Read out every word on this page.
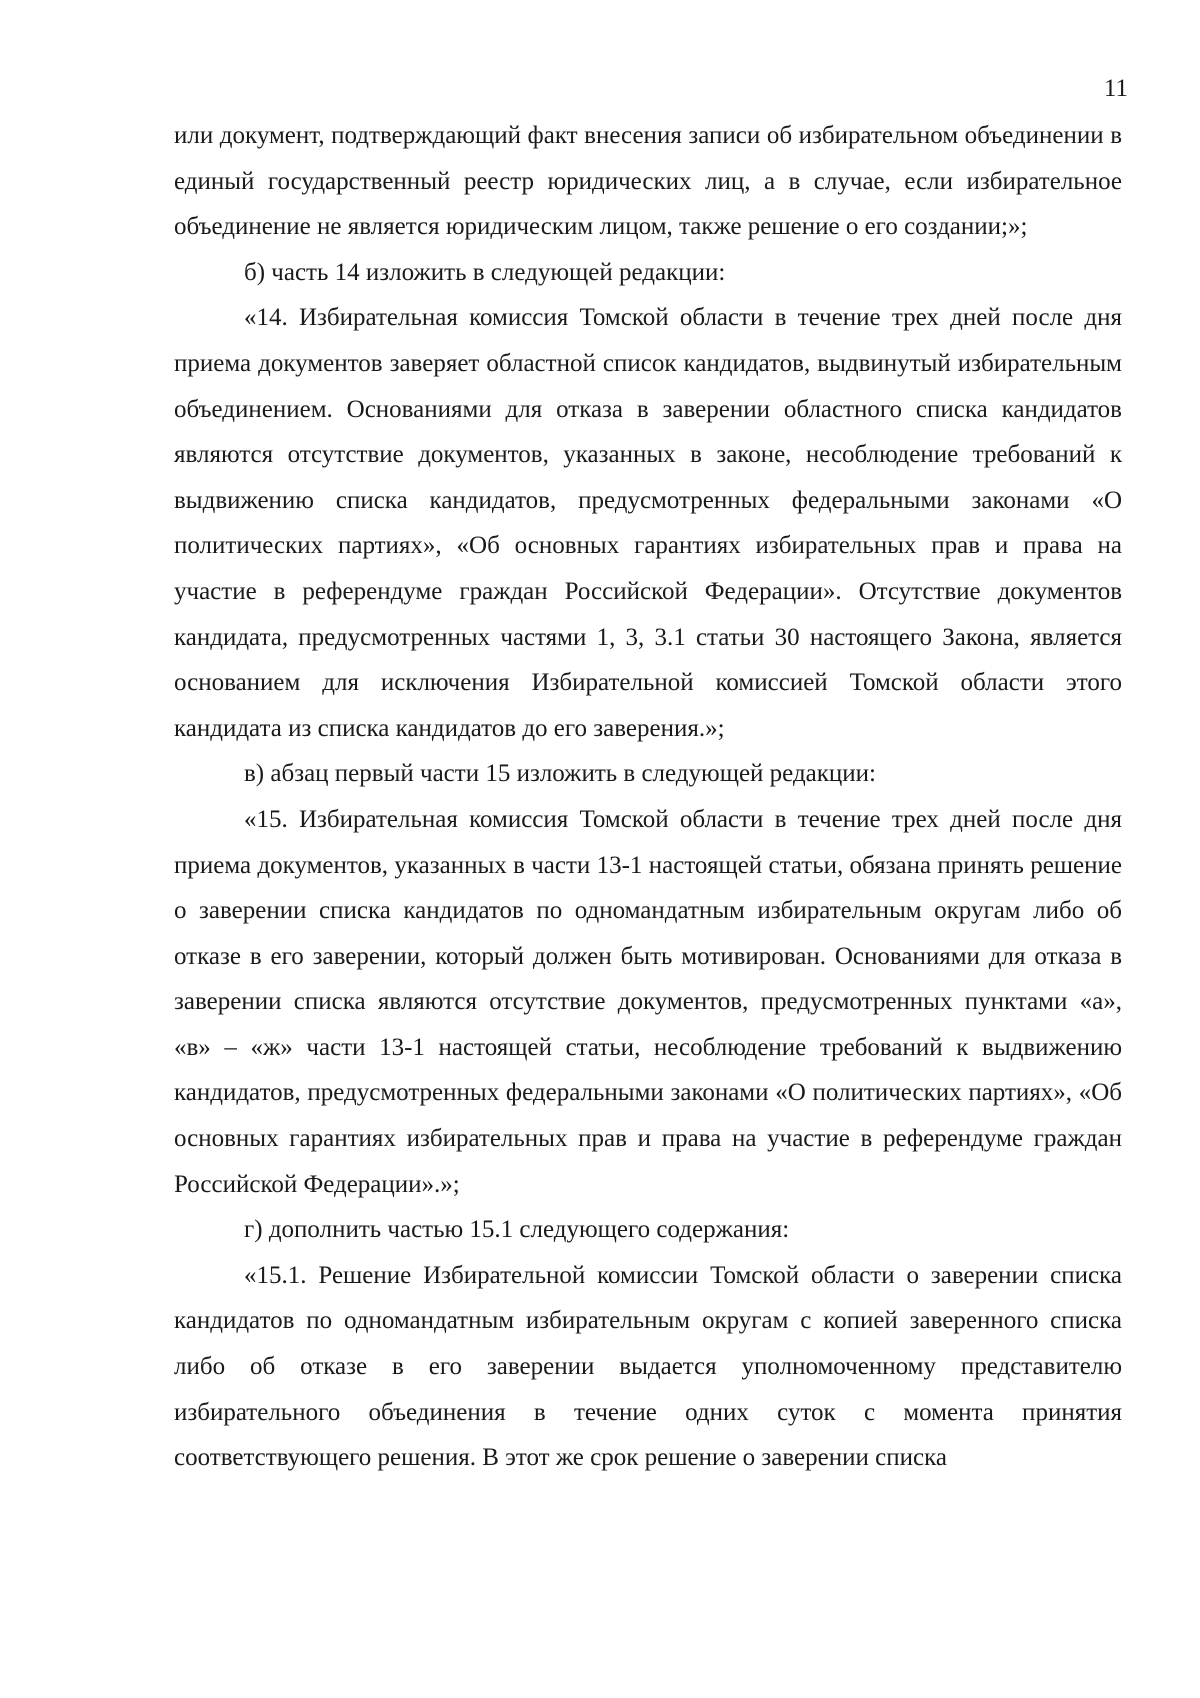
11

или документ, подтверждающий факт внесения записи об избирательном объединении в единый государственный реестр юридических лиц, а в случае, если избирательное объединение не является юридическим лицом, также решение о его создании;»;

б) часть 14 изложить в следующей редакции:

«14. Избирательная комиссия Томской области в течение трех дней после дня приема документов заверяет областной список кандидатов, выдвинутый избирательным объединением. Основаниями для отказа в заверении областного списка кандидатов являются отсутствие документов, указанных в законе, несоблюдение требований к выдвижению списка кандидатов, предусмотренных федеральными законами «О политических партиях», «Об основных гарантиях избирательных прав и права на участие в референдуме граждан Российской Федерации». Отсутствие документов кандидата, предусмотренных частями 1, 3, 3.1 статьи 30 настоящего Закона, является основанием для исключения Избирательной комиссией Томской области этого кандидата из списка кандидатов до его заверения.»;

в) абзац первый части 15 изложить в следующей редакции:

«15. Избирательная комиссия Томской области в течение трех дней после дня приема документов, указанных в части 13-1 настоящей статьи, обязана принять решение о заверении списка кандидатов по одномандатным избирательным округам либо об отказе в его заверении, который должен быть мотивирован. Основаниями для отказа в заверении списка являются отсутствие документов, предусмотренных пунктами «а», «в» – «ж» части 13-1 настоящей статьи, несоблюдение требований к выдвижению кандидатов, предусмотренных федеральными законами «О политических партиях», «Об основных гарантиях избирательных прав и права на участие в референдуме граждан Российской Федерации».»;

г) дополнить частью 15.1 следующего содержания:

«15.1. Решение Избирательной комиссии Томской области о заверении списка кандидатов по одномандатным избирательным округам с копией заверенного списка либо об отказе в его заверении выдается уполномоченному представителю избирательного объединения в течение одних суток с момента принятия соответствующего решения. В этот же срок решение о заверении списка
